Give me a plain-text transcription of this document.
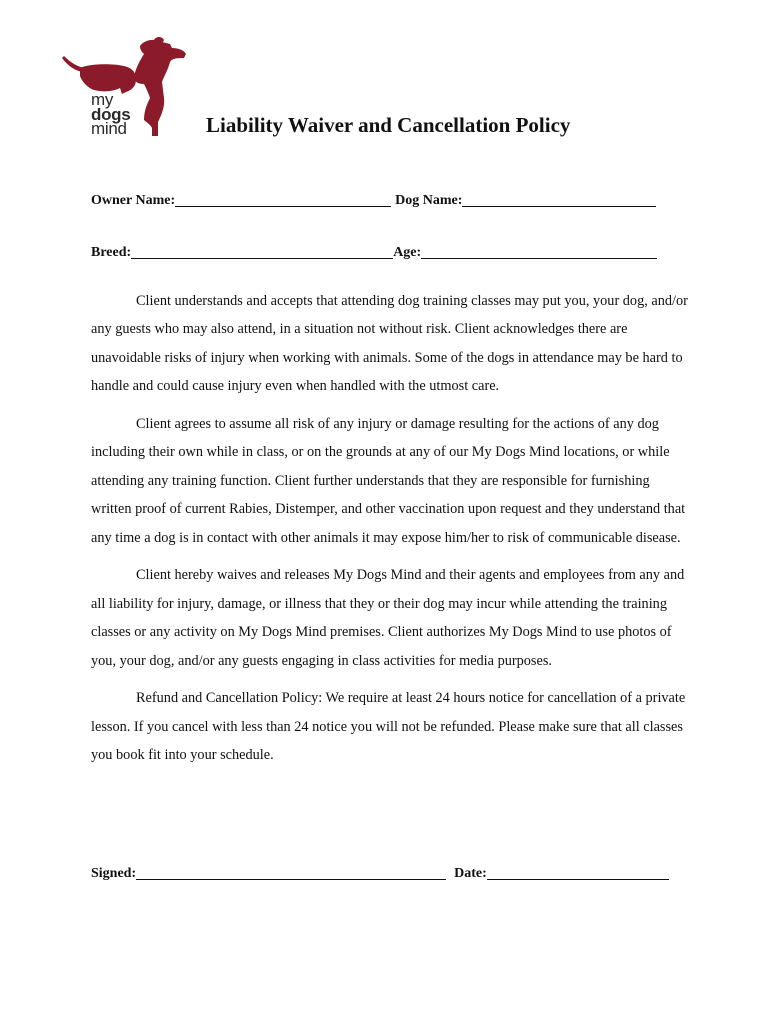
my
dogs
mind	Liability Waiver and Cancellation Policy
Owner Name :	Dog Name :
Breed:	Age:

Client understands and accepts that attending dog training classes may put you, your dog, and/or any guests who may also attend, in a situation not without risk. Client acknowledges there are unavoidable risks of injury when working with animals. Some of the dogs in attendance may be hard to handle and could cause injury even when handled with the utmost care.

Client agrees to assume all risk of any injury or damage resulting for the actions of any dog including their own while in class, or on the grounds at any of our My Dogs Mind locations, or while attending any training function. Client further understands that they are responsible for furnishing written proof of current Rabies, Distemper, and other vaccination upon request and they understand that any time a dog is in contact with other animals it may expose him/her to risk of communicable disease.

Client hereby waives and releases My Dogs Mind and their agents and employees from any and all liability for injury, damage, or illness that they or their dog may incur while attending the training classes or any activity on My Dogs Mind premises. Client authorizes My Dogs Mind to use photos of you, your dog, and/or any guests engaging in class activities for media purposes.

Refund and Cancellation Policy: We require at least 24 hours notice for cancellation of a private lesson. If you cancel with less than 24 notice you will not be refunded. Please make sure that all classes you book fit into your schedule.

Signed :	Date :
